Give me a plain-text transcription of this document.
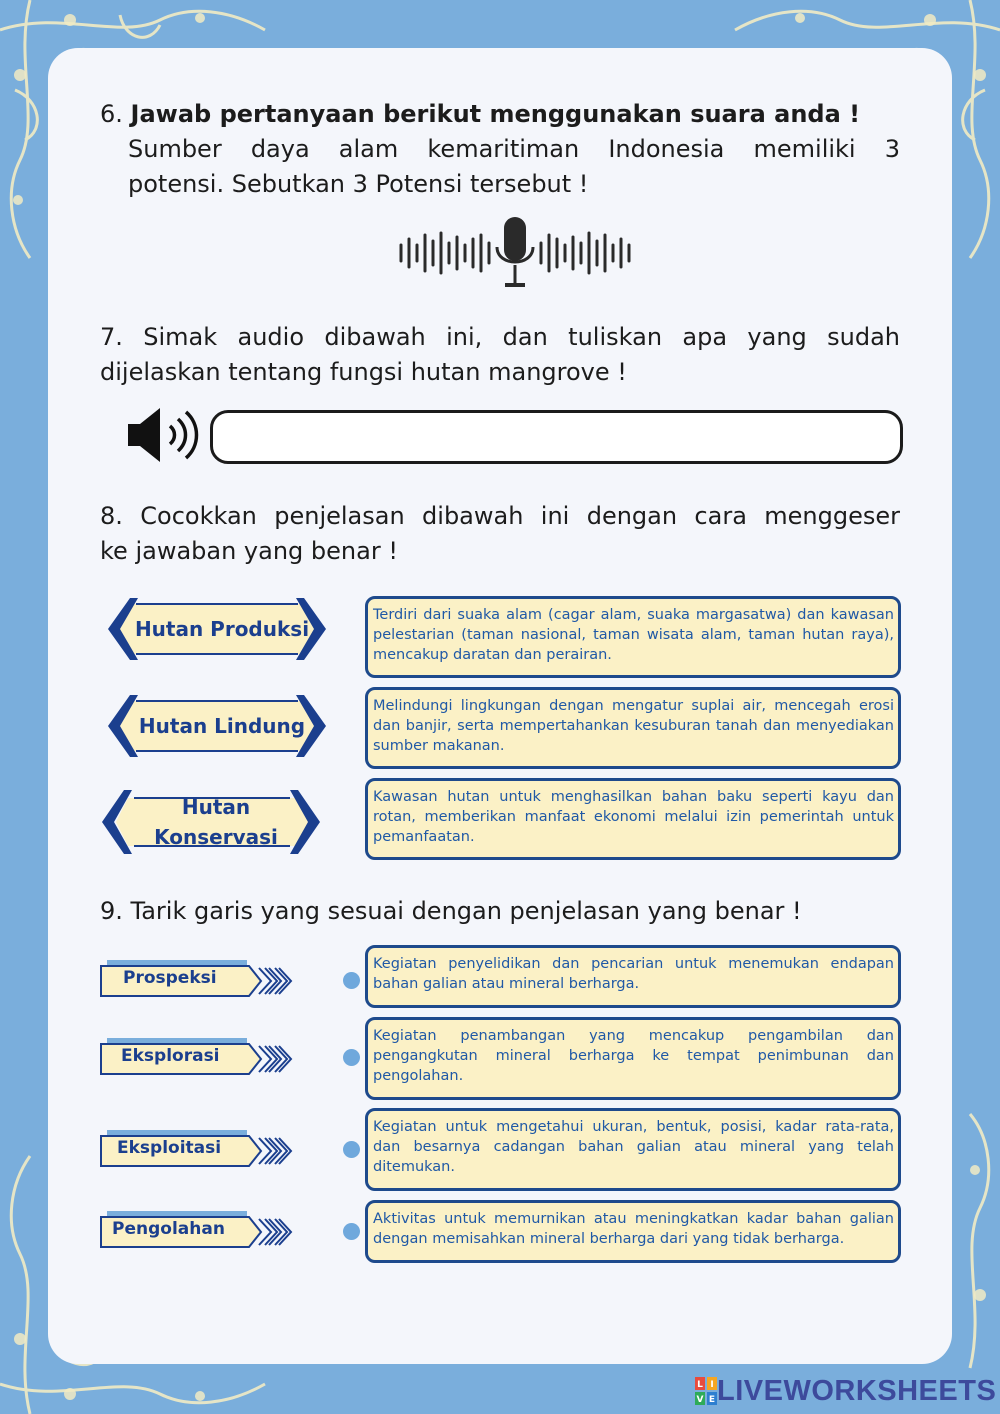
6. Jawab pertanyaan berikut menggunakan suara anda !
Sumber daya alam kemaritiman Indonesia memiliki 3
potensi. Sebutkan 3 Potensi tersebut !
7. Simak audio dibawah ini, dan tuliskan apa yang sudah
dijelaskan tentang fungsi hutan mangrove !
8. Cocokkan penjelasan dibawah ini dengan cara menggeser
ke jawaban yang benar !
Hutan Produksi
Hutan Lindung
Hutan
Konservasi
Terdiri dari suaka alam (cagar alam, suaka margasatwa) dan kawasan pelestarian (taman nasional, taman wisata alam, taman hutan raya), mencakup daratan dan perairan.
Melindungi lingkungan dengan mengatur suplai air, mencegah erosi dan banjir, serta mempertahankan kesuburan tanah dan menyediakan sumber makanan.
Kawasan hutan untuk menghasilkan bahan baku seperti kayu dan rotan, memberikan manfaat ekonomi melalui izin pemerintah untuk pemanfaatan.
9. Tarik garis yang sesuai dengan penjelasan yang benar !
Prospeksi
Eksplorasi
Eksploitasi
Pengolahan
Kegiatan penyelidikan dan pencarian untuk menemukan endapan bahan galian atau mineral berharga.
Kegiatan penambangan yang mencakup pengambilan dan pengangkutan mineral berharga ke tempat penimbunan dan pengolahan.
Kegiatan untuk mengetahui ukuran, bentuk, posisi, kadar rata-rata, dan besarnya cadangan bahan galian atau mineral yang telah ditemukan.
Aktivitas untuk memurnikan atau meningkatkan kadar bahan galian dengan memisahkan mineral berharga dari yang tidak berharga.
L I
V E LIVEWORKSHEETS
